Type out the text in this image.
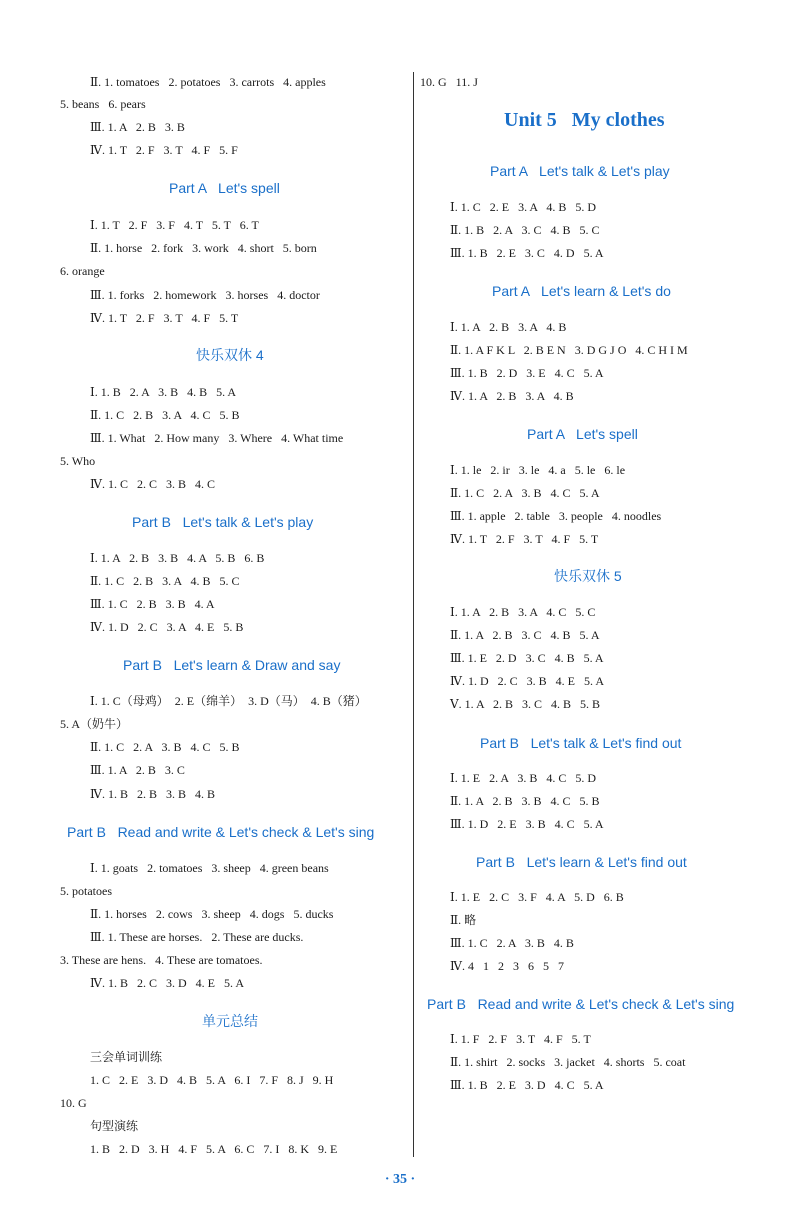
Ⅱ. 1. tomatoes   2. potatoes   3. carrots   4. apples
5. beans   6. pears
Ⅲ. 1. A   2. B   3. B
Ⅳ. 1. T   2. F   3. T   4. F   5. F
Part A   Let's spell
Ⅰ. 1. T   2. F   3. F   4. T   5. T   6. T
Ⅱ. 1. horse   2. fork   3. work   4. short   5. born
6. orange
Ⅲ. 1. forks   2. homework   3. horses   4. doctor
Ⅳ. 1. T   2. F   3. T   4. F   5. T
快乐双休 4
Ⅰ. 1. B   2. A   3. B   4. B   5. A
Ⅱ. 1. C   2. B   3. A   4. C   5. B
Ⅲ. 1. What   2. How many   3. Where   4. What time
5. Who
Ⅳ. 1. C   2. C   3. B   4. C
Part B   Let's talk & Let's play
Ⅰ. 1. A   2. B   3. B   4. A   5. B   6. B
Ⅱ. 1. C   2. B   3. A   4. B   5. C
Ⅲ. 1. C   2. B   3. B   4. A
Ⅳ. 1. D   2. C   3. A   4. E   5. B
Part B   Let's learn & Draw and say
Ⅰ. 1. C（母鸡）  2. E（绵羊）  3. D（马）  4. B（猪）
5. A（奶牛）
Ⅱ. 1. C   2. A   3. B   4. C   5. B
Ⅲ. 1. A   2. B   3. C
Ⅳ. 1. B   2. B   3. B   4. B
Part B   Read and write & Let's check & Let's sing
Ⅰ. 1. goats   2. tomatoes   3. sheep   4. green beans
5. potatoes
Ⅱ. 1. horses   2. cows   3. sheep   4. dogs   5. ducks
Ⅲ. 1. These are horses.   2. These are ducks.
3. These are hens.   4. These are tomatoes.
Ⅳ. 1. B   2. C   3. D   4. E   5. A
单元总结
三会单词训练
1. C   2. E   3. D   4. B   5. A   6. I   7. F   8. J   9. H
10. G
句型演练
1. B   2. D   3. H   4. F   5. A   6. C   7. I   8. K   9. E
10. G   11. J
Unit 5   My clothes
Part A   Let's talk & Let's play
Ⅰ. 1. C   2. E   3. A   4. B   5. D
Ⅱ. 1. B   2. A   3. C   4. B   5. C
Ⅲ. 1. B   2. E   3. C   4. D   5. A
Part A   Let's learn & Let's do
Ⅰ. 1. A   2. B   3. A   4. B
Ⅱ. 1. A F K L   2. B E N   3. D G J O   4. C H I M
Ⅲ. 1. B   2. D   3. E   4. C   5. A
Ⅳ. 1. A   2. B   3. A   4. B
Part A   Let's spell
Ⅰ. 1. le   2. ir   3. le   4. a   5. le   6. le
Ⅱ. 1. C   2. A   3. B   4. C   5. A
Ⅲ. 1. apple   2. table   3. people   4. noodles
Ⅳ. 1. T   2. F   3. T   4. F   5. T
快乐双休 5
Ⅰ. 1. A   2. B   3. A   4. C   5. C
Ⅱ. 1. A   2. B   3. C   4. B   5. A
Ⅲ. 1. E   2. D   3. C   4. B   5. A
Ⅳ. 1. D   2. C   3. B   4. E   5. A
Ⅴ. 1. A   2. B   3. C   4. B   5. B
Part B   Let's talk & Let's find out
Ⅰ. 1. E   2. A   3. B   4. C   5. D
Ⅱ. 1. A   2. B   3. B   4. C   5. B
Ⅲ. 1. D   2. E   3. B   4. C   5. A
Part B   Let's learn & Let's find out
Ⅰ. 1. E   2. C   3. F   4. A   5. D   6. B
Ⅱ. 略
Ⅲ. 1. C   2. A   3. B   4. B
Ⅳ. 4   1   2   3   6   5   7
Part B   Read and write & Let's check & Let's sing
Ⅰ. 1. F   2. F   3. T   4. F   5. T
Ⅱ. 1. shirt   2. socks   3. jacket   4. shorts   5. coat
Ⅲ. 1. B   2. E   3. D   4. C   5. A
· 35 ·
